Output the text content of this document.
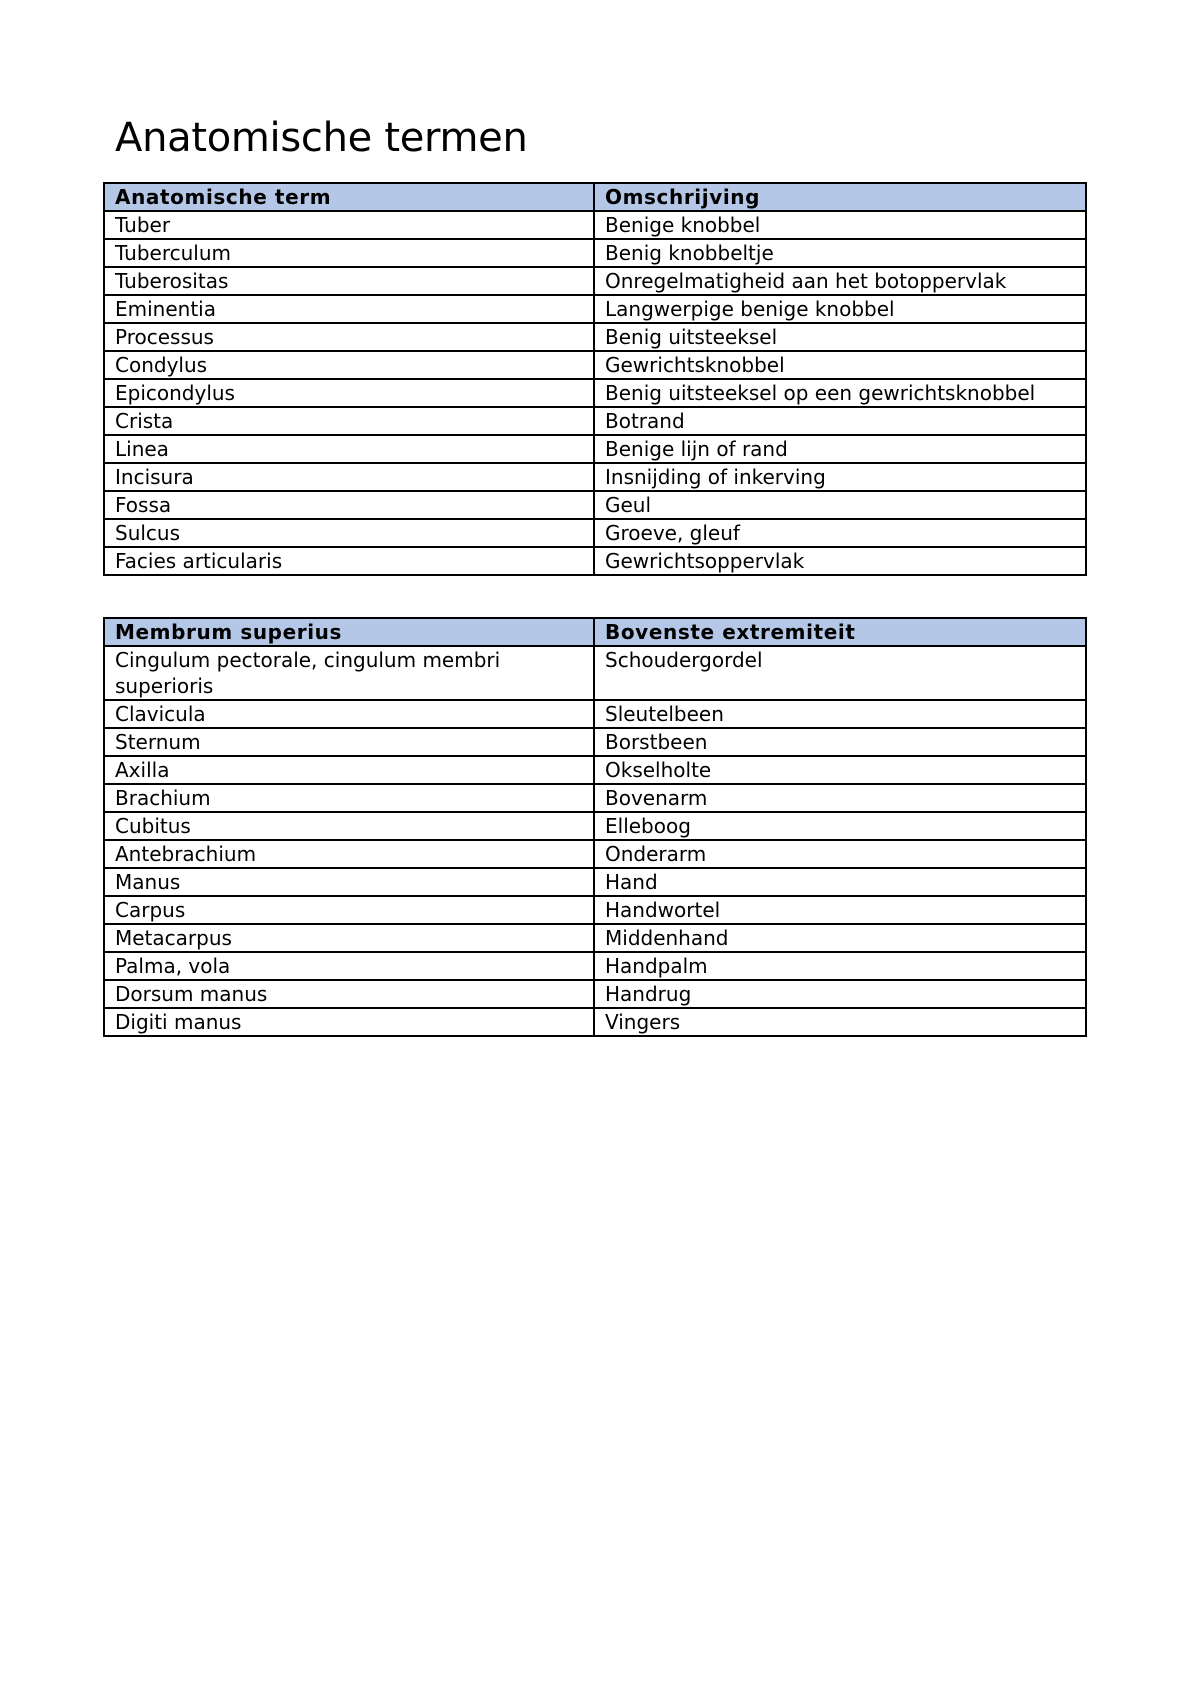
Anatomische termen
Anatomische term	Omschrijving
Tuber	Benige knobbel
Tuberculum	Benig knobbeltje
Tuberositas	Onregelmatigheid aan het botoppervlak
Eminentia	Langwerpige benige knobbel
Processus	Benig uitsteeksel
Condylus	Gewrichtsknobbel
Epicondylus	Benig uitsteeksel op een gewrichtsknobbel
Crista	Botrand
Linea	Benige lijn of rand
Incisura	Insnijding of inkerving
Fossa	Geul
Sulcus	Groeve, gleuf
Facies articularis	Gewrichtsoppervlak
Membrum superius	Bovenste extremiteit
Cingulum pectorale, cingulum membri superioris	Schoudergordel
Clavicula	Sleutelbeen
Sternum	Borstbeen
Axilla	Okselholte
Brachium	Bovenarm
Cubitus	Elleboog
Antebrachium	Onderarm
Manus	Hand
Carpus	Handwortel
Metacarpus	Middenhand
Palma, vola	Handpalm
Dorsum manus	Handrug
Digiti manus	Vingers
